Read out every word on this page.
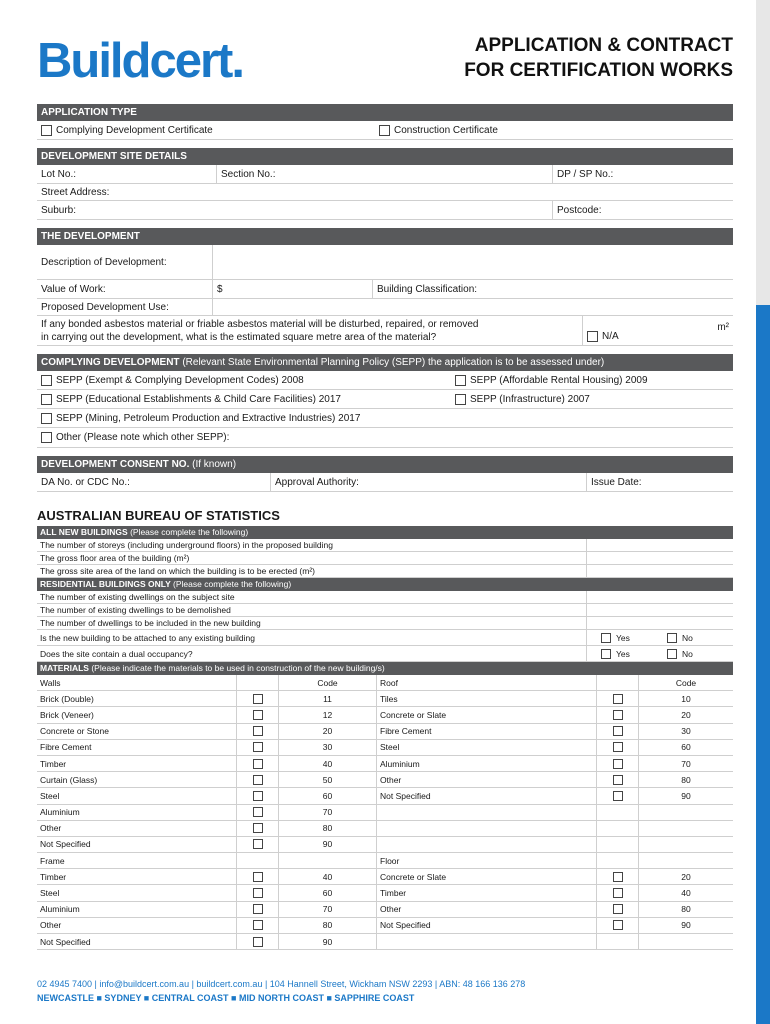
Buildcert.	APPLICATION & CONTRACT
FOR CERTIFICATION WORKS
APPLICATION TYPE
Complying Development Certificate	Construction Certificate
DEVELOPMENT SITE DETAILS
Lot No.:	Section No.:	DP / SP No.:
Street Address:
Suburb:	Postcode:
THE DEVELOPMENT
Description of Development:
Value of Work:	$	Building Classification:
Proposed Development Use:
If any bonded asbestos material or friable asbestos material will be disturbed, repaired, or removed
in carrying out the development, what is the estimated square metre area of the material?	N/A
m²
COMPLYING DEVELOPMENT (Relevant State Environmental Planning Policy (SEPP) the application is to be assessed under)
SEPP (Exempt & Complying Development Codes) 2008	SEPP (Affordable Rental Housing) 2009
SEPP (Educational Establishments & Child Care Facilities) 2017	SEPP (Infrastructure) 2007
SEPP (Mining, Petroleum Production and Extractive Industries) 2017
Other (Please note which other SEPP):
DEVELOPMENT CONSENT NO. (If known)
DA No. or CDC No.:	Approval Authority:	Issue Date:
AUSTRALIAN BUREAU OF STATISTICS
ALL NEW BUILDINGS (Please complete the following)
The number of storeys (including underground floors) in the proposed building
The gross floor area of the building (m²)
The gross site area of the land on which the building is to be erected (m²)
RESIDENTIAL BUILDINGS ONLY (Please complete the following)
The number of existing dwellings on the subject site
The number of existing dwellings to be demolished
The number of dwellings to be included in the new building
Is the new building to be attached to any existing building	Yes	No
Does the site contain a dual occupancy?	Yes	No
MATERIALS (Please indicate the materials to be used in construction of the new building/s)
Walls	Code	Roof	Code
Brick (Double)	11	Tiles	10
Brick (Veneer)	12	Concrete or Slate	20
Concrete or Stone	20	Fibre Cement	30
Fibre Cement	30	Steel	60
Timber	40	Aluminium	70
Curtain (Glass)	50	Other	80
Steel	60	Not Specified	90
Aluminium	70
Other	80
Not Specified	90
Frame	Floor
Timber	40	Concrete or Slate	20
Steel	60	Timber	40
Aluminium	70	Other	80
Other	80	Not Specified	90
Not Specified	90
02 4945 7400 | info@buildcert.com.au | buildcert.com.au | 104 Hannell Street, Wickham NSW 2293 | ABN: 48 166 136 278
NEWCASTLE ■ SYDNEY ■ CENTRAL COAST ■ MID NORTH COAST ■ SAPPHIRE COAST
